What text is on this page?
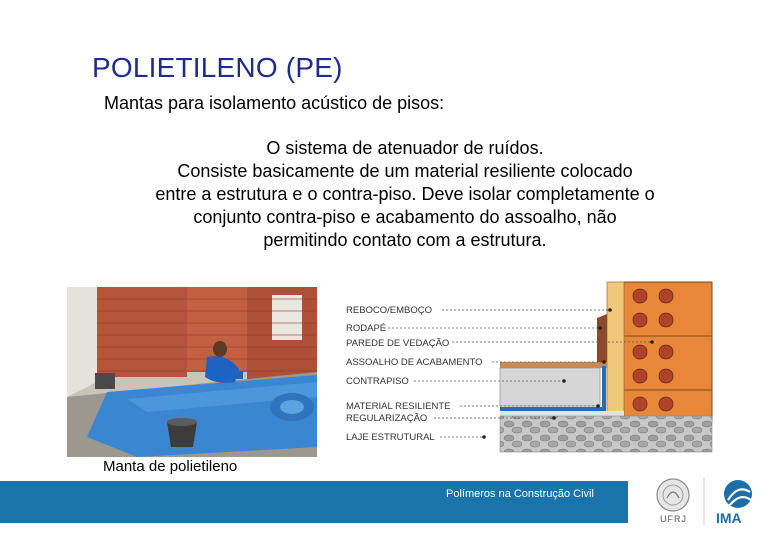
POLIETILENO (PE)
Mantas para isolamento acústico de pisos:
O sistema de atenuador de ruídos.
Consiste basicamente de um material resiliente colocado
entre a estrutura e o contra-piso. Deve isolar completamente o
conjunto contra-piso e acabamento do assoalho, não
permitindo contato com a estrutura.
Manta de polietileno
REBOCO/EMBOÇO
RODAPÉ
PAREDE DE VEDAÇÃO
ASSOALHO DE ACABAMENTO
CONTRAPISO
MATERIAL RESILIENTE
REGULARIZAÇÃO
LAJE ESTRUTURAL
Polímeros na Construção Civil
UFRJ IMA
